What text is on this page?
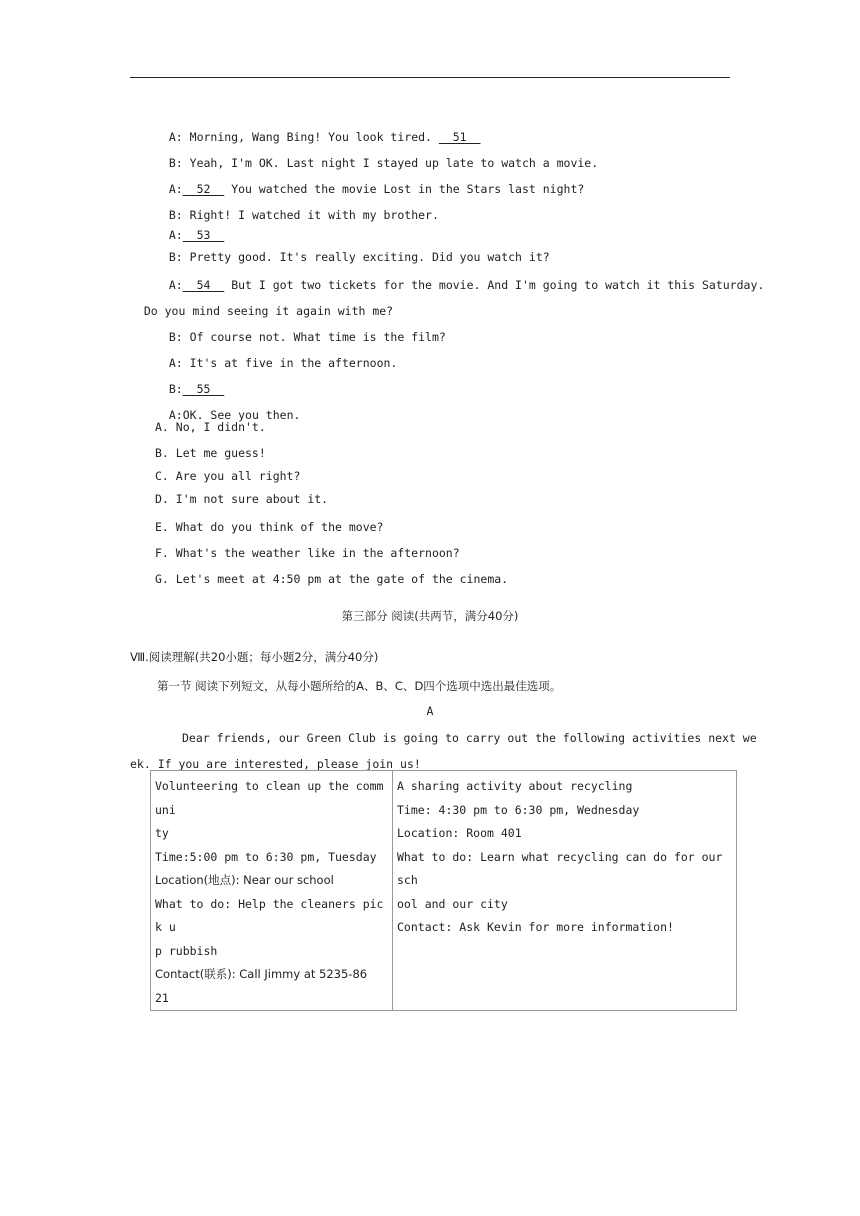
A: Morning, Wang Bing! You look tired.   51

B: Yeah, I'm OK. Last night I stayed up late to watch a movie.

A:  52   You watched the movie Lost in the Stars last night?

B: Right! I watched it with my brother.

A:  53

B: Pretty good. It's really exciting. Did you watch it?

A:  54   But I got two tickets for the movie. And I'm going to watch it this Saturday.

Do you mind seeing it again with me?

B: Of course not. What time is the film?

A: It's at five in the afternoon.

B:  55

A:OK. See you then.

A. No, I didn't.
B. Let me guess!
C. Are you all right?
D. I'm not sure about it.
E. What do you think of the move?
F. What's the weather like in the afternoon?
G. Let's meet at 4:50 pm at the gate of the cinema.
第三部分 阅读(共两节，满分40分)
Ⅷ.阅读理解(共20小题；每小题2分，满分40分)
第一节 阅读下列短文，从每小题所给的A、B、C、D四个选项中选出最佳选项。
A
Dear friends, our Green Club is going to carry out the following activities next we
ek. If you are interested, please join us!
Volunteering to clean up the communi
ty
Time:5:00 pm to 6:30 pm, Tuesday
Location(地点): Near our school
What to do: Help the cleaners pick u
p rubbish
Contact(联系): Call Jimmy at 5235-86
21

A sharing activity about recycling
Time: 4:30 pm to 6:30 pm, Wednesday
Location: Room 401
What to do: Learn what recycling can do for our sch
ool and our city
Contact: Ask Kevin for more information!
